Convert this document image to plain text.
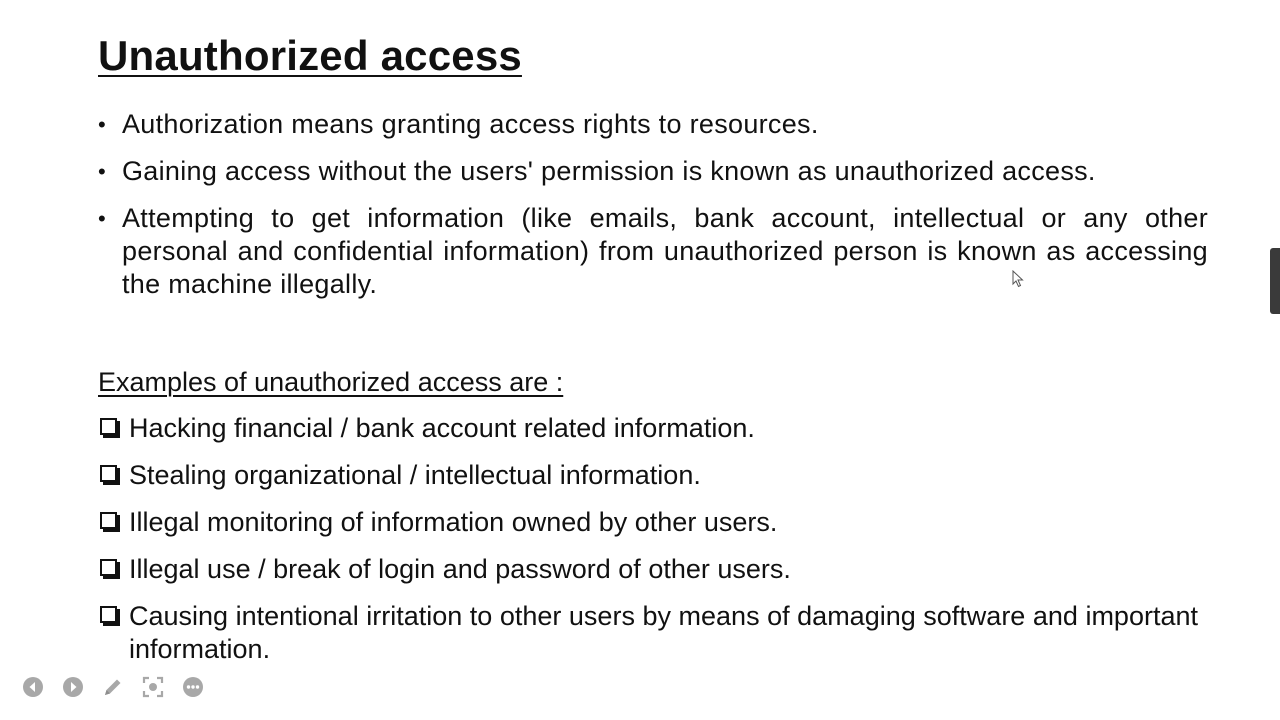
Unauthorized access
• Authorization means granting access rights to resources.
• Gaining access without the users' permission is known as unauthorized access.
• Attempting to get information (like emails, bank account, intellectual or any other personal and confidential information) from unauthorized person is known as accessing the machine illegally.

Examples of unauthorized access are :

Hacking financial / bank account related information.
Stealing organizational / intellectual information.
Illegal monitoring of information owned by other users.
Illegal use / break of login and password of other users.
Causing intentional irritation to other users by means of damaging software and important information.
